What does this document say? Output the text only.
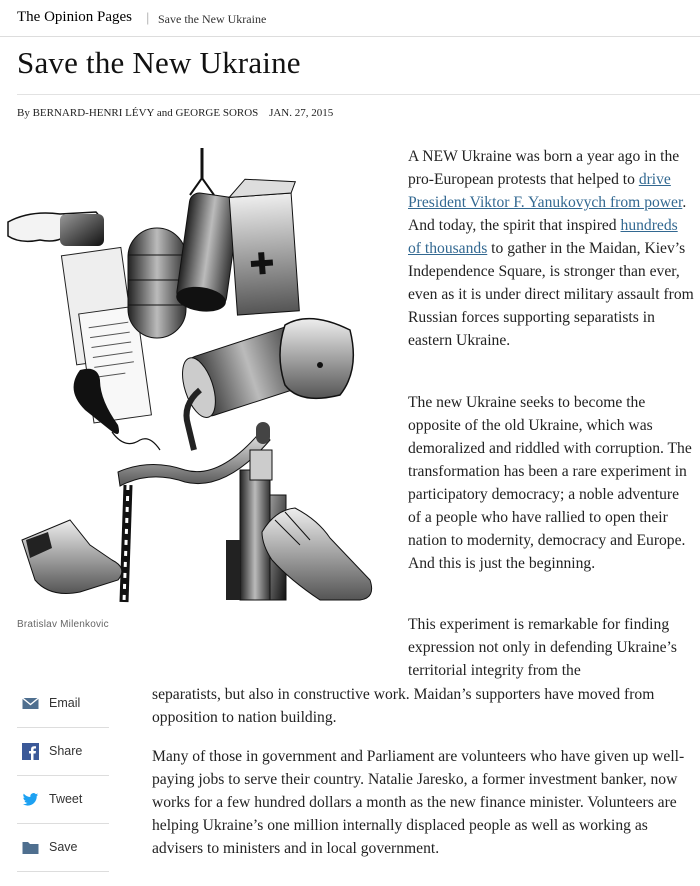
The Opinion Pages | Save the New Ukraine
Save the New Ukraine
By BERNARD-HENRI LÉVY and GEORGE SOROS JAN. 27, 2015
Bratislav Milenkovic

A NEW Ukraine was born a year ago in the pro-European protests that helped to drive President Viktor F. Yanukovych from power. And today, the spirit that inspired hundreds of thousands to gather in the Maidan, Kiev’s Independence Square, is stronger than ever, even as it is under direct military assault from Russian forces supporting separatists in eastern Ukraine.

The new Ukraine seeks to become the opposite of the old Ukraine, which was demoralized and riddled with corruption. The transformation has been a rare experiment in participatory democracy; a noble adventure of a people who have rallied to open their nation to modernity, democracy and Europe. And this is just the beginning.

This experiment is remarkable for finding expression not only in defending Ukraine’s territorial integrity from the

separatists, but also in constructive work. Maidan’s supporters have moved from opposition to nation building.

Many of those in government and Parliament are volunteers who have given up well-paying jobs to serve their country. Natalie Jaresko, a former investment banker, now works for a few hundred dollars a month as the new finance minister. Volunteers are helping Ukraine’s one million internally displaced people as well as working as advisers to ministers and in local government.

Email
Share
Tweet
Save
